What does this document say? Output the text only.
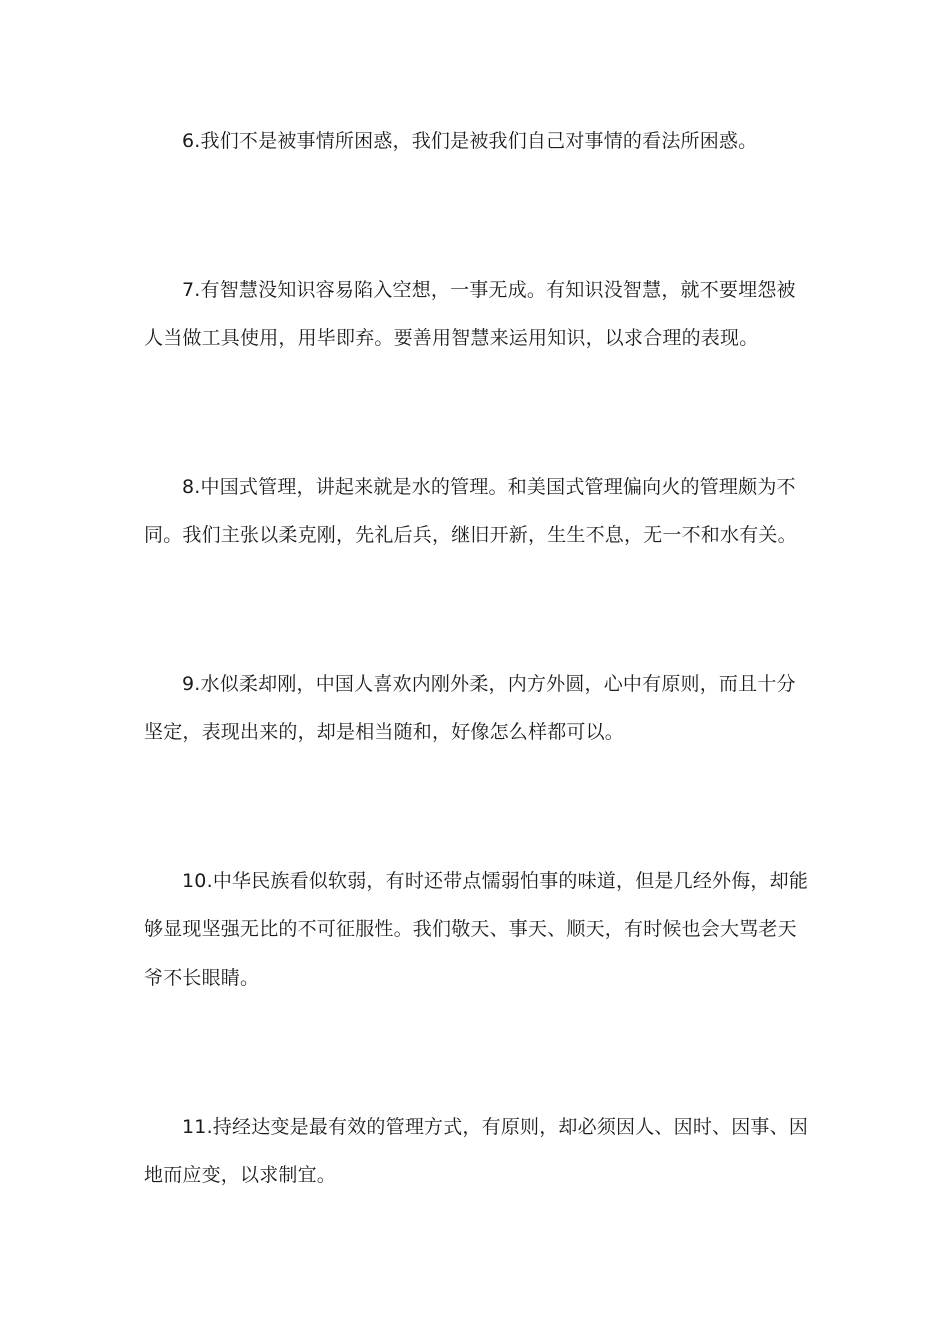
6.我们不是被事情所困惑，我们是被我们自己对事情的看法所困惑。
7.有智慧没知识容易陷入空想，一事无成。有知识没智慧，就不要埋怨被
人当做工具使用，用毕即弃。要善用智慧来运用知识，以求合理的表现。
8.中国式管理，讲起来就是水的管理。和美国式管理偏向火的管理颇为不
同。我们主张以柔克刚，先礼后兵，继旧开新，生生不息，无一不和水有关。
9.水似柔却刚，中国人喜欢内刚外柔，内方外圆，心中有原则，而且十分
坚定，表现出来的，却是相当随和，好像怎么样都可以。
10.中华民族看似软弱，有时还带点懦弱怕事的味道，但是几经外侮，却能
够显现坚强无比的不可征服性。我们敬天、事天、顺天，有时候也会大骂老天
爷不长眼睛。
11.持经达变是最有效的管理方式，有原则，却必须因人、因时、因事、因
地而应变，以求制宜。
